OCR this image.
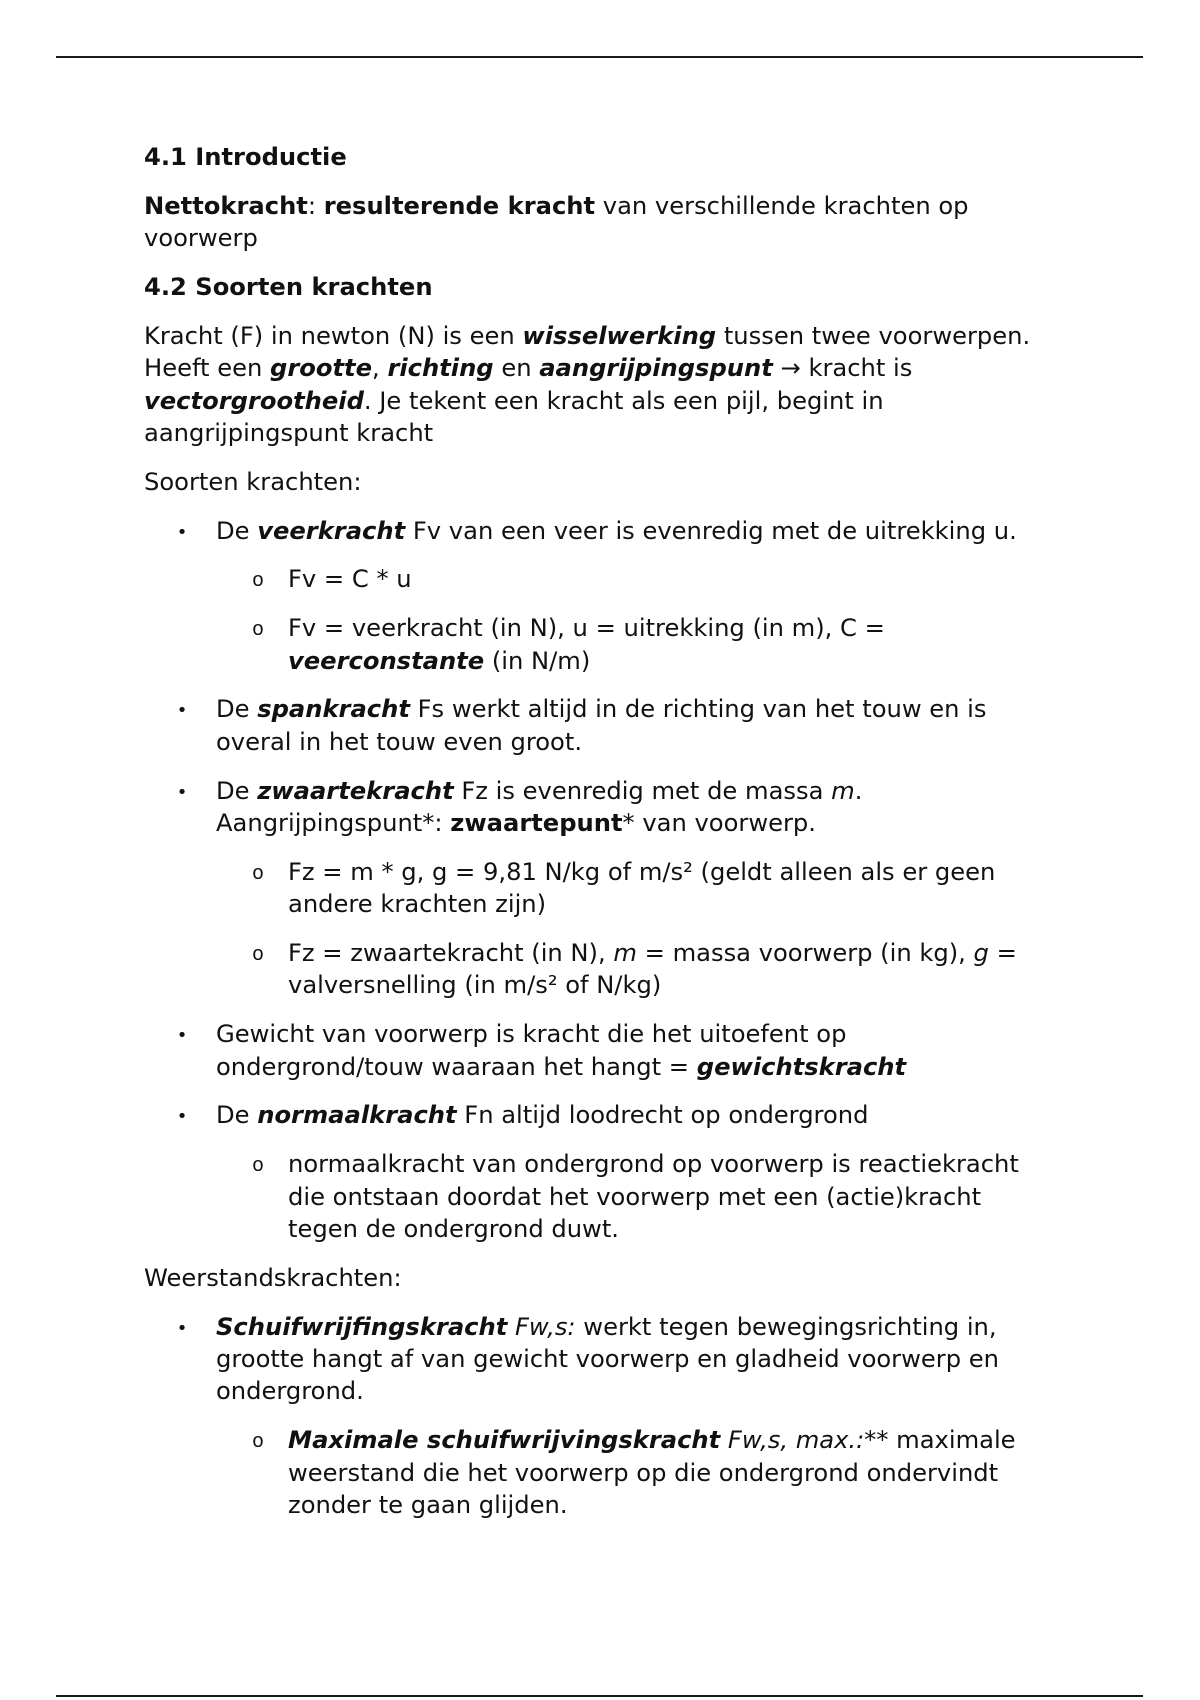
4.1 Introductie
Nettokracht: resulterende kracht van verschillende krachten op
voorwerp
4.2 Soorten krachten
Kracht (F) in newton (N) is een wisselwerking tussen twee voorwerpen.
Heeft een grootte, richting en aangrijpingspunt → kracht is
vectorgrootheid. Je tekent een kracht als een pijl, begint in
aangrijpingspunt kracht
Soorten krachten:
• De veerkracht Fv van een veer is evenredig met de uitrekking u.
o Fv = C * u
o Fv = veerkracht (in N), u = uitrekking (in m), C =
veerconstante (in N/m)
• De spankracht Fs werkt altijd in de richting van het touw en is
overal in het touw even groot.
• De zwaartekracht Fz is evenredig met de massa m.
Aangrijpingspunt*: zwaartepunt* van voorwerp.
o Fz = m * g, g = 9,81 N/kg of m/s² (geldt alleen als er geen
andere krachten zijn)
o Fz = zwaartekracht (in N), m = massa voorwerp (in kg), g =
valversnelling (in m/s² of N/kg)
• Gewicht van voorwerp is kracht die het uitoefent op
ondergrond/touw waaraan het hangt = gewichtskracht
• De normaalkracht Fn altijd loodrecht op ondergrond
o normaalkracht van ondergrond op voorwerp is reactiekracht
die ontstaan doordat het voorwerp met een (actie)kracht
tegen de ondergrond duwt.
Weerstandskrachten:
• Schuifwrijfingskracht Fw,s: werkt tegen bewegingsrichting in,
grootte hangt af van gewicht voorwerp en gladheid voorwerp en
ondergrond.
o Maximale schuifwrijvingskracht Fw,s, max.:** maximale
weerstand die het voorwerp op die ondergrond ondervindt
zonder te gaan glijden.
